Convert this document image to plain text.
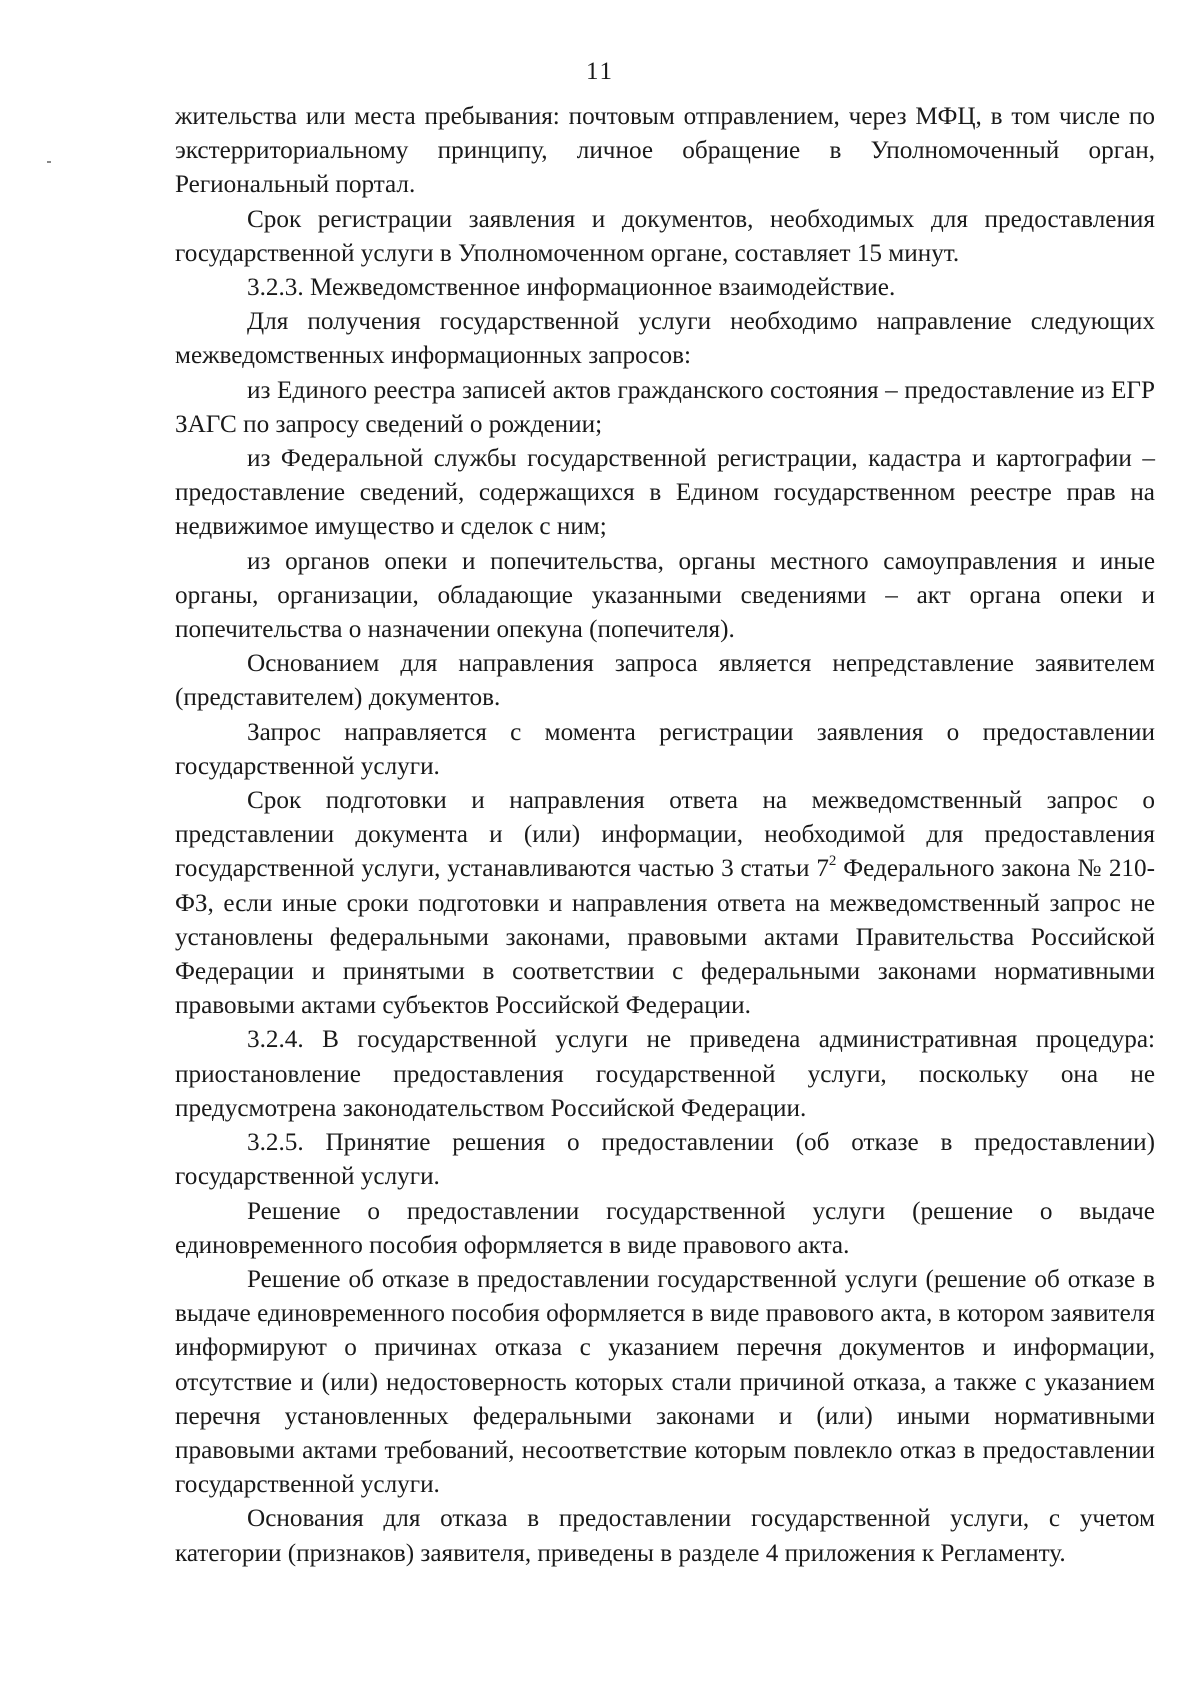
11

жительства или места пребывания: почтовым отправлением, через МФЦ, в том числе по экстерриториальному принципу, личное обращение в Уполномоченный орган, Региональный портал.

Срок регистрации заявления и документов, необходимых для предоставления государственной услуги в Уполномоченном органе, составляет 15 минут.

3.2.3. Межведомственное информационное взаимодействие.

Для получения государственной услуги необходимо направление следующих межведомственных информационных запросов:

из Единого реестра записей актов гражданского состояния – предоставление из ЕГР ЗАГС по запросу сведений о рождении;

из Федеральной службы государственной регистрации, кадастра и картографии – предоставление сведений, содержащихся в Едином государственном реестре прав на недвижимое имущество и сделок с ним;

из органов опеки и попечительства, органы местного самоуправления и иные органы, организации, обладающие указанными сведениями – акт органа опеки и попечительства о назначении опекуна (попечителя).

Основанием для направления запроса является непредставление заявителем (представителем) документов.

Запрос направляется с момента регистрации заявления о предоставлении государственной услуги.

Срок подготовки и направления ответа на межведомственный запрос о представлении документа и (или) информации, необходимой для предоставления государственной услуги, устанавливаются частью 3 статьи $7^2$ Федерального закона № 210-ФЗ, если иные сроки подготовки и направления ответа на межведомственный запрос не установлены федеральными законами, правовыми актами Правительства Российской Федерации и принятыми в соответствии с федеральными законами нормативными правовыми актами субъектов Российской Федерации.

3.2.4. В государственной услуги не приведена административная процедура: приостановление предоставления государственной услуги, поскольку она не предусмотрена законодательством Российской Федерации.

3.2.5. Принятие решения о предоставлении (об отказе в предоставлении) государственной услуги.

Решение о предоставлении государственной услуги (решение о выдаче единовременного пособия оформляется в виде правового акта.

Решение об отказе в предоставлении государственной услуги (решение об отказе в выдаче единовременного пособия оформляется в виде правового акта, в котором заявителя информируют о причинах отказа с указанием перечня документов и информации, отсутствие и (или) недостоверность которых стали причиной отказа, а также с указанием перечня установленных федеральными законами и (или) иными нормативными правовыми актами требований, несоответствие которым повлекло отказ в предоставлении государственной услуги.

Основания для отказа в предоставлении государственной услуги, с учетом категории (признаков) заявителя, приведены в разделе 4 приложения к Регламенту.
